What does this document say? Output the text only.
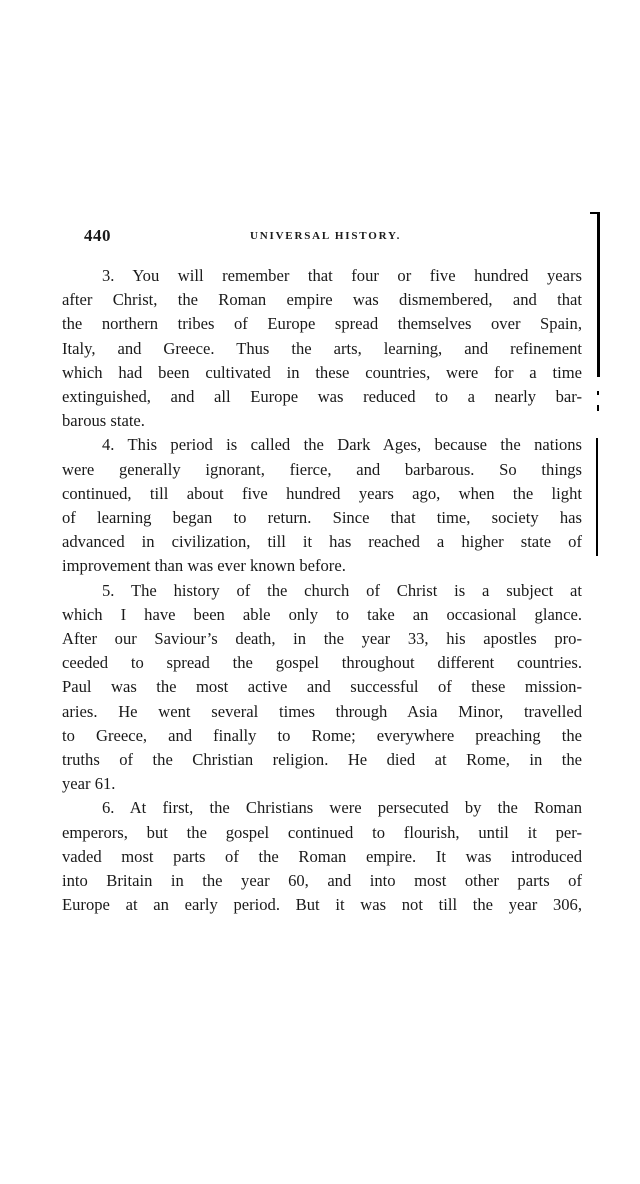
440	UNIVERSAL HISTORY.

3. You will remember that four or five hundred years
after Christ, the Roman empire was dismembered, and that
the northern tribes of Europe spread themselves over Spain,
Italy, and Greece. Thus the arts, learning, and refinement
which had been cultivated in these countries, were for a time
extinguished, and all Europe was reduced to a nearly bar-
barous state.

4. This period is called the Dark Ages, because the nations
were generally ignorant, fierce, and barbarous. So things
continued, till about five hundred years ago, when the light
of learning began to return. Since that time, society has
advanced in civilization, till it has reached a higher state of
improvement than was ever known before.

5. The history of the church of Christ is a subject at
which I have been able only to take an occasional glance.
After our Saviour’s death, in the year 33, his apostles pro-
ceeded to spread the gospel throughout different countries.
Paul was the most active and successful of these mission-
aries. He went several times through Asia Minor, travelled
to Greece, and finally to Rome; everywhere preaching the
truths of the Christian religion. He died at Rome, in the
year 61.

6. At first, the Christians were persecuted by the Roman
emperors, but the gospel continued to flourish, until it per-
vaded most parts of the Roman empire. It was introduced
into Britain in the year 60, and into most other parts of
Europe at an early period. But it was not till the year 306,
